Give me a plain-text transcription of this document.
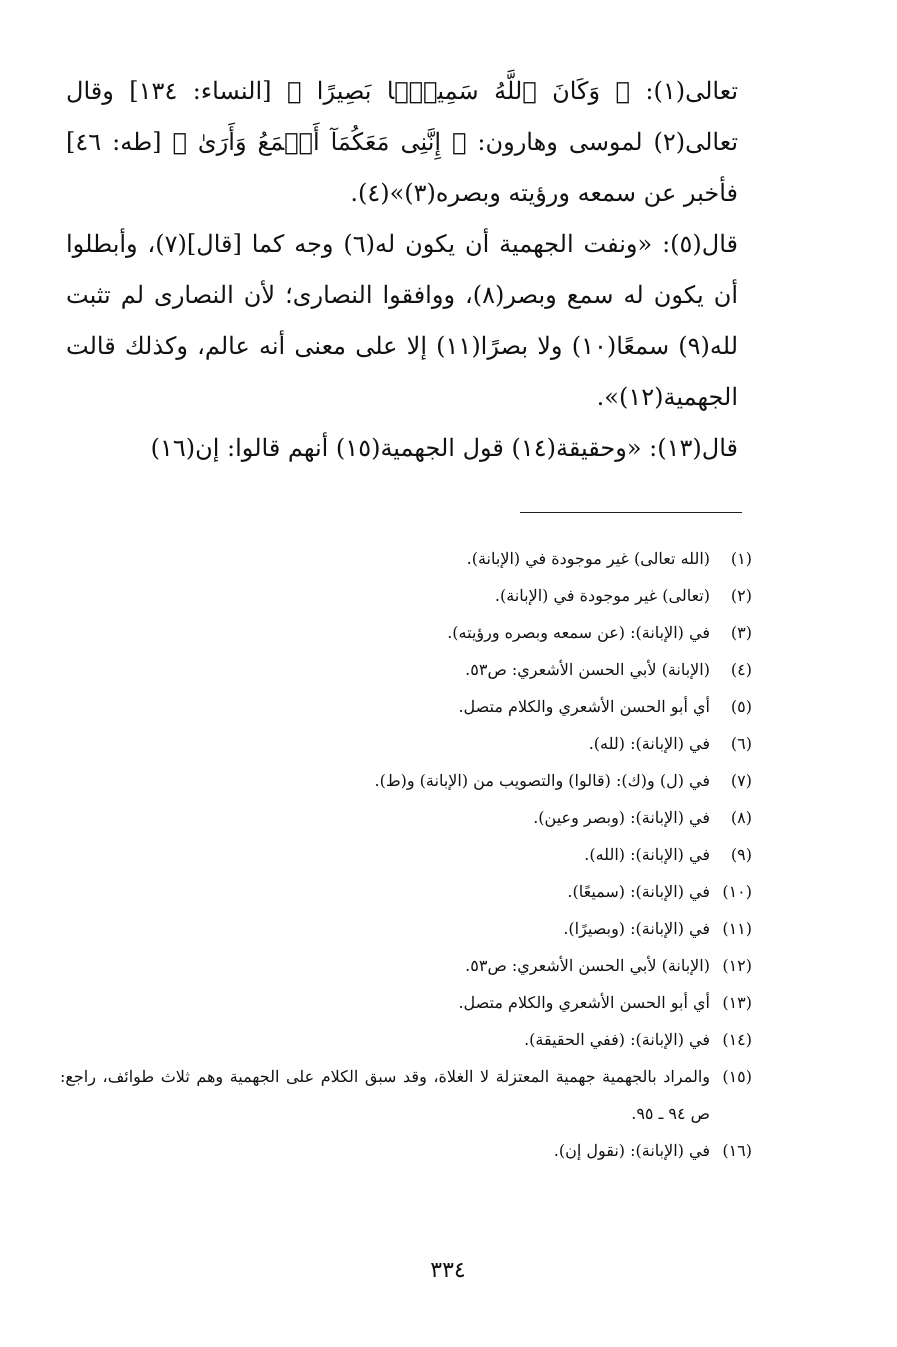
تعالى(١): ﴿ وَكَانَ ٱللَّهُ سَمِيعًۢا بَصِيرًا ﴾ [النساء: ١٣٤] وقال تعالى(٢) لموسى وهارون: ﴿ إِنَّنِى مَعَكُمَآ أَسۡمَعُ وَأَرَىٰ ﴾ [طه: ٤٦] فأخبر عن سمعه ورؤيته وبصره(٣)»(٤).

قال(٥): «ونفت الجهمية أن يكون له(٦) وجه كما [قال](٧)، وأبطلوا أن يكون له سمع وبصر(٨)، ووافقوا النصارى؛ لأن النصارى لم تثبت لله(٩) سمعًا(١٠) ولا بصرًا(١١) إلا على معنى أنه عالم، وكذلك قالت الجهمية(١٢)».

قال(١٣): «وحقيقة(١٤) قول الجهمية(١٥) أنهم قالوا: إن(١٦)

(١)
(الله تعالى) غير موجودة في (الإبانة).
(٢)
(تعالى) غير موجودة في (الإبانة).
(٣)
في (الإبانة): (عن سمعه وبصره ورؤيته).
(٤)
(الإبانة) لأبي الحسن الأشعري: ص٥٣.
(٥)
أي أبو الحسن الأشعري والكلام متصل.
(٦)
في (الإبانة): (لله).
(٧)
في (ل) و(ك): (قالوا) والتصويب من (الإبانة) و(ط).
(٨)
في (الإبانة): (وبصر وعين).
(٩)
في (الإبانة): (الله).
(١٠)
في (الإبانة): (سميعًا).
(١١)
في (الإبانة): (وبصيرًا).
(١٢)
(الإبانة) لأبي الحسن الأشعري: ص٥٣.
(١٣)
أي أبو الحسن الأشعري والكلام متصل.
(١٤)
في (الإبانة): (ففي الحقيقة).
(١٥)
والمراد بالجهمية جهمية المعتزلة لا الغلاة، وقد سبق الكلام على الجهمية وهم ثلاث طوائف، راجع: ص ٩٤ ـ ٩٥.
(١٦)
في (الإبانة): (نقول إن).
٣٣٤
